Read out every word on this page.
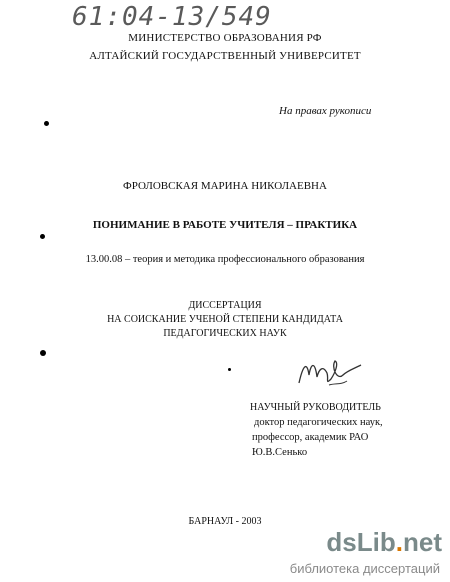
61:04-13/549
МИНИСТЕРСТВО ОБРАЗОВАНИЯ РФ
АЛТАЙСКИЙ ГОСУДАРСТВЕННЫЙ УНИВЕРСИТЕТ
На правах рукописи
ФРОЛОВСКАЯ МАРИНА НИКОЛАЕВНА
ПОНИМАНИЕ В РАБОТЕ УЧИТЕЛЯ – ПРАКТИКА
13.00.08 – теория и методика профессионального образования
ДИССЕРТАЦИЯ
НА СОИСКАНИЕ УЧЕНОЙ СТЕПЕНИ КАНДИДАТА
ПЕДАГОГИЧЕСКИХ НАУК
НАУЧНЫЙ РУКОВОДИТЕЛЬ
доктор педагогических наук,
профессор, академик РАО
Ю.В.Сенько
БАРНАУЛ - 2003
dsLib.net
библиотека диссертаций
